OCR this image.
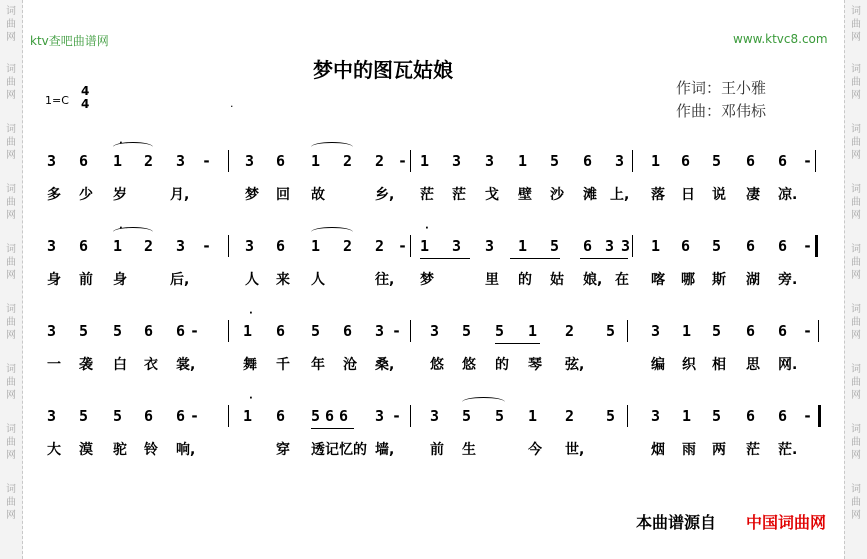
词
曲
网
词
曲
网
词
曲
网
词
曲
网
词
曲
网
词
曲
网
词
曲
网
词
曲
网
词
曲
网
词
曲
网
词
曲
网
词
曲
网
词
曲
网
词
曲
网
词
曲
网
词
曲
网
词
曲
网
词
曲
网
ktv查吧曲谱网	www.ktvc8.com
梦中的图瓦姑娘
作词：王小雅
作曲：邓伟标
1=C
4
4	.
3 6 1 2 3 - 3 6 1 2 2 - 1 3 3 1 5 6 3 1 6 5 6 6 -
多 少 岁	月,	梦 回 故	乡, 茫 茫 戈 壁 沙 滩 上, 落 日 说 凄 凉.
·
3 6 1 2 3 - 3 6 1 2 2 - 1 3 3 1 5 6 3 3 1 6 5 6 6 -
身 前 身	后,	人 来 人	往, 梦	里 的 姑 娘, 在 喀 哪 斯 湖 旁.
·	·
3 5 5 6 6 -	1 6 5 6 3 - 3 5 5 1 2 5 3 1 5 6 6 -
一 袭 白 衣 裳,	舞 千 年 沧 桑,	悠 悠 的 琴 弦,	编 织 相 思 网.
·
3 5 5 6 6 -	1 6 5 6 6 3 - 3 5 5 1 2 5 3 1 5 6 6 -
大 漠 驼 铃 响,	穿 透 记 忆 的 墙,	前 生	今 世,	烟 雨 两 茫 茫.
·
本曲谱源自 中国词曲网
